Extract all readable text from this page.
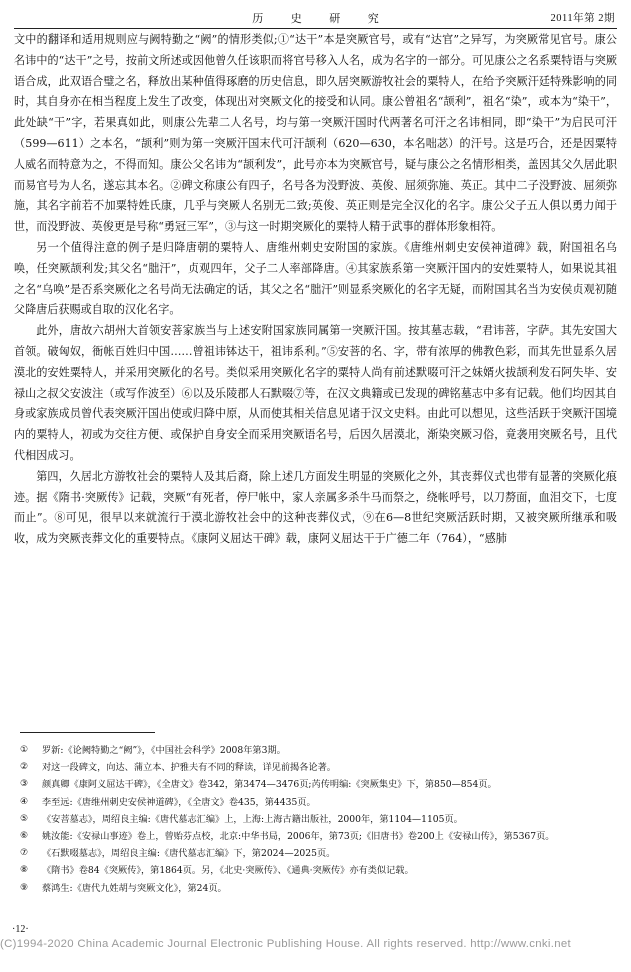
历 史 研 究	2011年第 2期

文中的翻译和适用规则应与阙特勤之“阙”的情形类似;①“达干”本是突厥官号，或有“达官”之异写，为突厥常见官号。康公名讳中的“达干”之号，按前文所述或因他曾久任该职而将官号移入人名，成为名字的一部分。可见康公之名系粟特语与突厥语合成，此双语合璧之名，释放出某种值得琢磨的历史信息，即久居突厥游牧社会的粟特人，在给予突厥汗廷特殊影响的同时，其自身亦在相当程度上发生了改变，体现出对突厥文化的接受和认同。康公曾祖名“颉利”，祖名“染”，或本为“染干”，此处缺“干”字，若果真如此，则康公先辈二人名号，均与第一突厥汗国时代两著名可汗之名讳相同，即“染干”为启民可汗（599—611）之本名，“颉利”则为第一突厥汗国末代可汗颉利（620—630，本名咄苾）的汗号。这是巧合，还是因粟特人威名而特意为之，不得而知。康公父名讳为“颉利发”，此号亦本为突厥官号，疑与康公之名情形相类，盖因其父久居此职而易官号为人名，遂忘其本名。②碑文称康公有四子，名号各为没野波、英俊、屈须弥施、英正。其中二子没野波、屈须弥施，其名字前若不加粟特姓氏康，几乎与突厥人名别无二致;英俊、英正则是完全汉化的名字。康公父子五人俱以勇力闻于世，而没野波、英俊更是号称“勇冠三军”，③与这一时期突厥化的粟特人精于武事的群体形象相符。

另一个值得注意的例子是归降唐朝的粟特人、唐维州刺史安附国的家族。《唐维州刺史安侯神道碑》载，附国祖名乌唤，任突厥颉利发;其父名“朏汗”，贞观四年，父子二人率部降唐。④其家族系第一突厥汗国内的安姓粟特人，如果说其祖之名“乌唤”是否系突厥化之名号尚无法确定的话，其父之名“朏汗”则显系突厥化的名字无疑，而附国其名当为安侯贞观初随父降唐后获赐或自取的汉化名字。

此外，唐故六胡州大首领安菩家族当与上述安附国家族同属第一突厥汗国。按其墓志载，“君讳菩，字萨。其先安国大首领。破匈奴，衙帐百姓归中国……曾祖讳钵达干，祖讳系利。”⑤安菩的名、字，带有浓厚的佛教色彩，而其先世显系久居漠北的安姓粟特人，并采用突厥化的名号。类似采用突厥化名字的粟特人尚有前述默啜可汗之妹婿火拔颉利发石阿失毕、安禄山之叔父安波注（或写作波至）⑥以及乐陵郡人石默啜⑦等，在汉文典籍或已发现的碑铭墓志中多有记载。他们均因其自身或家族成员曾代表突厥汗国出使或归降中原，从而使其相关信息见诸于汉文史料。由此可以想见，这些活跃于突厥汗国境内的粟特人，初或为交往方便、或保护自身安全而采用突厥语名号，后因久居漠北，渐染突厥习俗，竟袭用突厥名号，且代代相因成习。

第四，久居北方游牧社会的粟特人及其后裔，除上述几方面发生明显的突厥化之外，其丧葬仪式也带有显著的突厥化痕迹。据《隋书·突厥传》记载，突厥“有死者，停尸帐中，家人亲属多杀牛马而祭之，绕帐呼号，以刀剺面，血泪交下，七度而止”。⑧可见，很早以来就流行于漠北游牧社会中的这种丧葬仪式，⑨在6—8世纪突厥活跃时期，又被突厥所继承和吸收，成为突厥丧葬文化的重要特点。《康阿义屈达干碑》载，康阿义屈达干于广德二年（764），“感肺

①	罗新:《论阙特勤之“阙”》，《中国社会科学》2008年第3期。
②	对这一段碑文，向达、蒲立本、护雅夫有不同的释读，详见前揭各论著。
③	颜真卿《康阿义屈达干碑》，《全唐文》卷342，第3474—3476页;芮传明编:《突厥集史》下，第850—854页。
④	李至远:《唐维州刺史安侯神道碑》，《全唐文》卷435，第4435页。
⑤	《安菩墓志》，周绍良主编:《唐代墓志汇编》上，上海:上海古籍出版社，2000年，第1104—1105页。
⑥	姚汝能:《安禄山事迹》卷上，曾贻芬点校，北京:中华书局，2006年，第73页;《旧唐书》卷200上《安禄山传》，第5367页。
⑦	《石默啜墓志》，周绍良主编:《唐代墓志汇编》下，第2024—2025页。
⑧	《隋书》卷84《突厥传》，第1864页。另，《北史·突厥传》、《通典·突厥传》亦有类似记载。
⑨	蔡鸿生:《唐代九姓胡与突厥文化》，第24页。
·12·
(C)1994-2020 China Academic Journal Electronic Publishing House. All rights reserved. http://www.cnki.net
